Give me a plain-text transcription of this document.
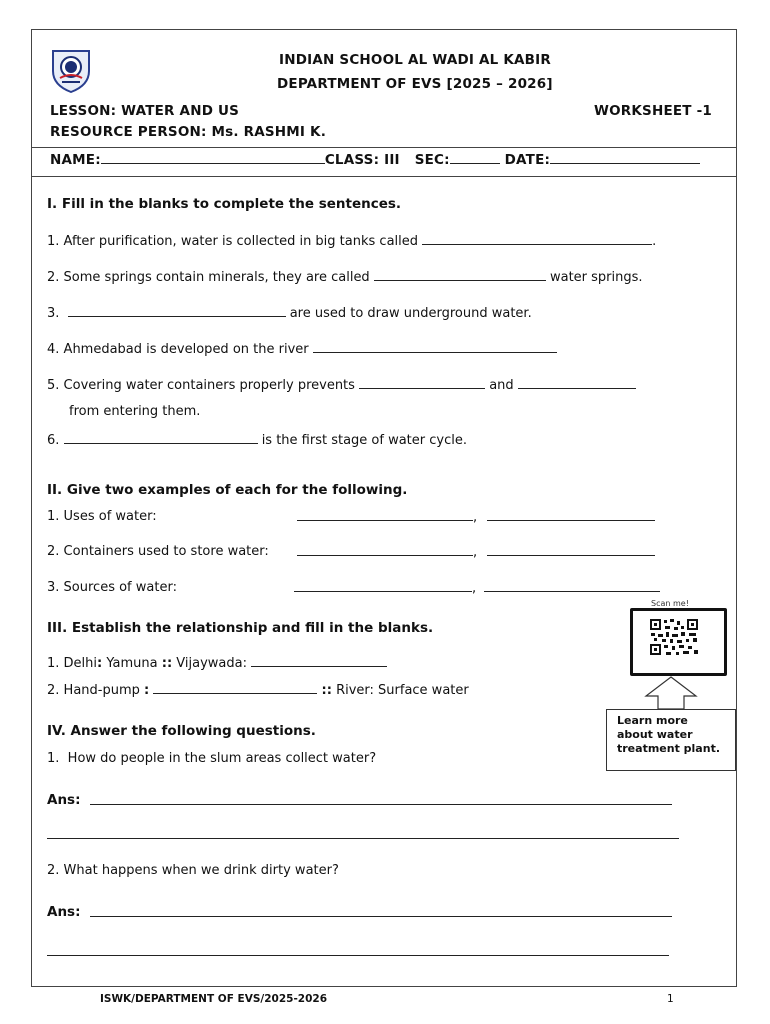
INDIAN SCHOOL AL WADI AL KABIR
DEPARTMENT OF EVS [2025 – 2026]
LESSON: WATER AND US	WORKSHEET -1
RESOURCE PERSON: Ms. RASHMI K.
NAME:	CLASS: III SEC:	DATE:
I. Fill in the blanks to complete the sentences.
1. After purification, water is collected in big tanks called	.
2. Some springs contain minerals, they are called	water springs.
3.	are used to draw underground water.
4. Ahmedabad is developed on the river
5. Covering water containers properly prevents	and
from entering them.
6.	is the first stage of water cycle.
II. Give two examples of each for the following.
1. Uses of water:	,
2. Containers used to store water:	,
3. Sources of water:	,
Scan me!
Learn more about water treatment plant.
III. Establish the relationship and fill in the blanks.
1. Delhi: Yamuna :: Vijaywada:
2. Hand-pump :	:: River: Surface water
IV. Answer the following questions.
1. How do people in the slum areas collect water?
Ans:
2. What happens when we drink dirty water?
Ans:
ISWK/DEPARTMENT OF EVS/2025-2026	1
